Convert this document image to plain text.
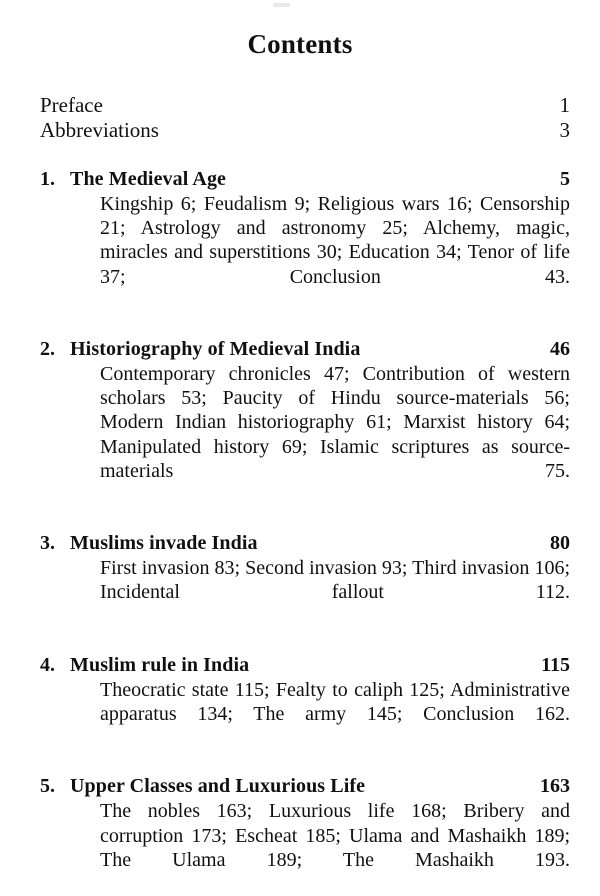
Contents
Preface	1
Abbreviations	3
1. The Medieval Age	5

Kingship 6; Feudalism 9; Religious wars 16; Censorship 21; Astrology and astronomy 25; Alchemy, magic, miracles and superstitions 30; Education 34; Tenor of life 37; Conclusion 43.

2. Historiography of Medieval India	46

Contemporary chronicles 47; Contribution of western scholars 53; Paucity of Hindu source-materials 56; Modern Indian historiography 61; Marxist history 64; Manipulated history 69; Islamic scriptures as source-materials 75.

3. Muslims invade India	80

First invasion 83; Second invasion 93; Third invasion 106; Incidental fallout 112.

4. Muslim rule in India	115

Theocratic state 115; Fealty to caliph 125; Administrative apparatus 134; The army 145; Conclusion 162.

5. Upper Classes and Luxurious Life	163

The nobles 163; Luxurious life 168; Bribery and corruption 173; Escheat 185; Ulama and Mashaikh 189; The Ulama 189; The Mashaikh 193.
